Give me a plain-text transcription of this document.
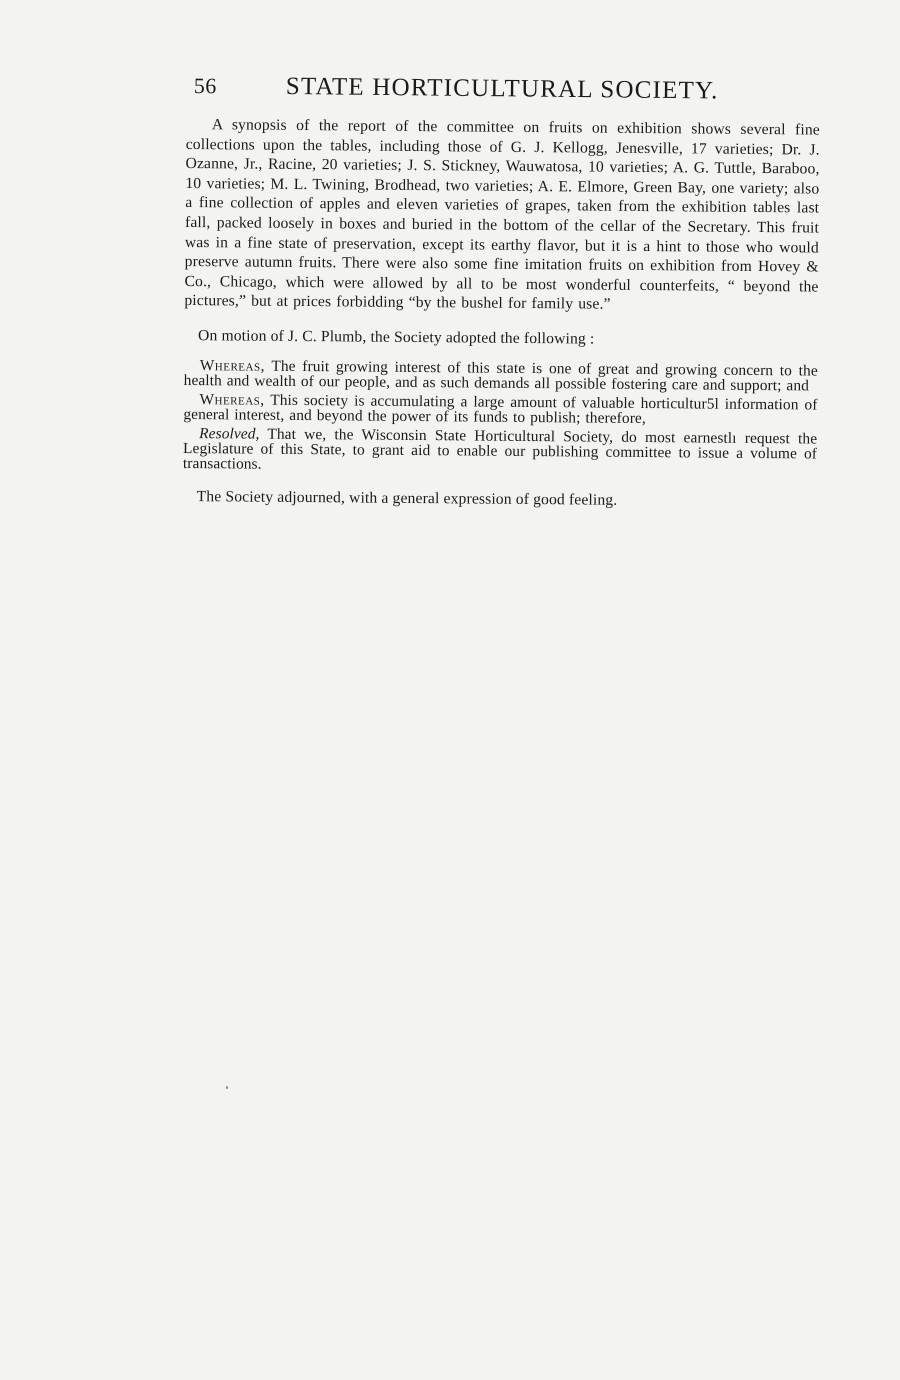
56	STATE HORTICULTURAL SOCIETY.

A synopsis of the report of the committee on fruits on exhibition shows several fine collections upon the tables, including those of G. J. Kellogg, Jenesville, 17 varieties; Dr. J. Ozanne, Jr., Racine, 20 varieties; J. S. Stickney, Wauwatosa, 10 varieties; A. G. Tuttle, Baraboo, 10 varieties; M. L. Twining, Brodhead, two varieties; A. E. Elmore, Green Bay, one variety; also a fine collection of apples and eleven varieties of grapes, taken from the exhibition tables last fall, packed loosely in boxes and buried in the bottom of the cellar of the Secretary. This fruit was in a fine state of preservation, except its earthy flavor, but it is a hint to those who would preserve autumn fruits. There were also some fine imitation fruits on exhibition from Hovey & Co., Chicago, which were allowed by all to be most wonderful counterfeits, “ beyond the pictures,” but at prices forbidding “by the bushel for family use.”

On motion of J. C. Plumb, the Society adopted the following :

Whereas, The fruit growing interest of this state is one of great and growing concern to the health and wealth of our people, and as such demands all possible fostering care and support; and

Whereas, This society is accumulating a large amount of valuable horticultur5l information of general interest, and beyond the power of its funds to publish; therefore,

Resolved, That we, the Wisconsin State Horticultural Society, do most earnestlı request the Legislature of this State, to grant aid to enable our publishing committee to issue a volume of transactions.

The Society adjourned, with a general expression of good feeling.
